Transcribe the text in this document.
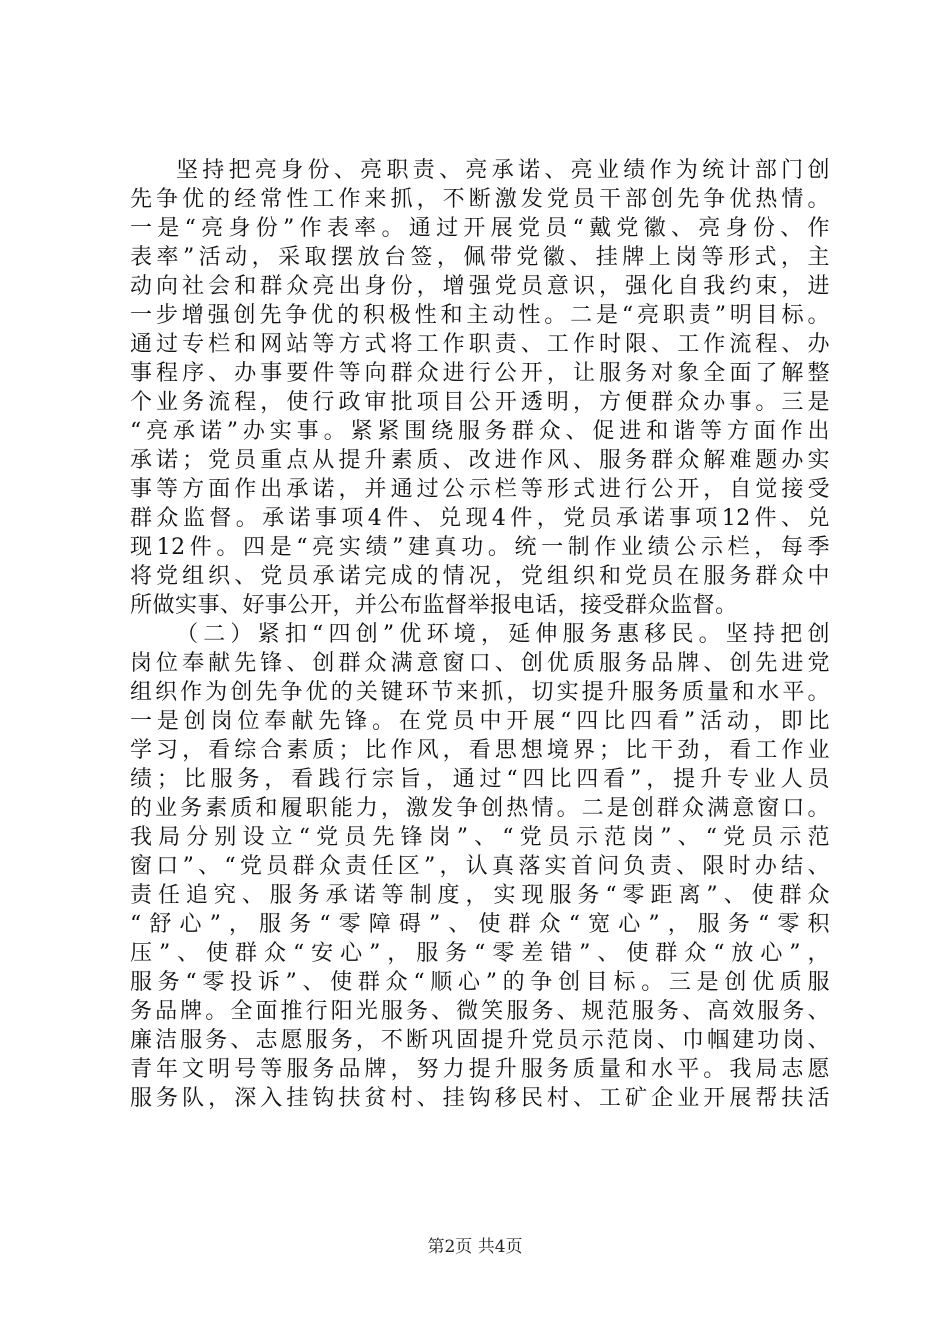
坚持把亮身份、亮职责、亮承诺、亮业绩作为统计部门创
先争优的经常性工作来抓，不断激发党员干部创先争优热情。
一是“亮身份”作表率。通过开展党员“戴党徽、亮身份、作
表率”活动，采取摆放台签，佩带党徽、挂牌上岗等形式，主
动向社会和群众亮出身份，增强党员意识，强化自我约束，进
一步增强创先争优的积极性和主动性。二是“亮职责”明目标。
通过专栏和网站等方式将工作职责、工作时限、工作流程、办
事程序、办事要件等向群众进行公开，让服务对象全面了解整
个业务流程，使行政审批项目公开透明，方便群众办事。三是
“亮承诺”办实事。紧紧围绕服务群众、促进和谐等方面作出
承诺；党员重点从提升素质、改进作风、服务群众解难题办实
事等方面作出承诺，并通过公示栏等形式进行公开，自觉接受
群众监督。承诺事项4件、兑现4件，党员承诺事项12件、兑
现12件。四是“亮实绩”建真功。统一制作业绩公示栏，每季
将党组织、党员承诺完成的情况，党组织和党员在服务群众中
所做实事、好事公开，并公布监督举报电话，接受群众监督。
（二）紧扣“四创”优环境，延伸服务惠移民。坚持把创
岗位奉献先锋、创群众满意窗口、创优质服务品牌、创先进党
组织作为创先争优的关键环节来抓，切实提升服务质量和水平。
一是创岗位奉献先锋。在党员中开展“四比四看”活动，即比
学习，看综合素质；比作风，看思想境界；比干劲，看工作业
绩；比服务，看践行宗旨，通过“四比四看”，提升专业人员
的业务素质和履职能力，激发争创热情。二是创群众满意窗口。
我局分别设立“党员先锋岗”、“党员示范岗”、“党员示范
窗口”、“党员群众责任区”，认真落实首问负责、限时办结、
责任追究、服务承诺等制度，实现服务“零距离”、使群众
“舒心”，服务“零障碍”、使群众“宽心”，服务“零积
压”、使群众“安心”，服务“零差错”、使群众“放心”，
服务“零投诉”、使群众“顺心”的争创目标。三是创优质服
务品牌。全面推行阳光服务、微笑服务、规范服务、高效服务、
廉洁服务、志愿服务，不断巩固提升党员示范岗、巾帼建功岗、
青年文明号等服务品牌，努力提升服务质量和水平。我局志愿
服务队，深入挂钩扶贫村、挂钩移民村、工矿企业开展帮扶活
第2页 共4页
